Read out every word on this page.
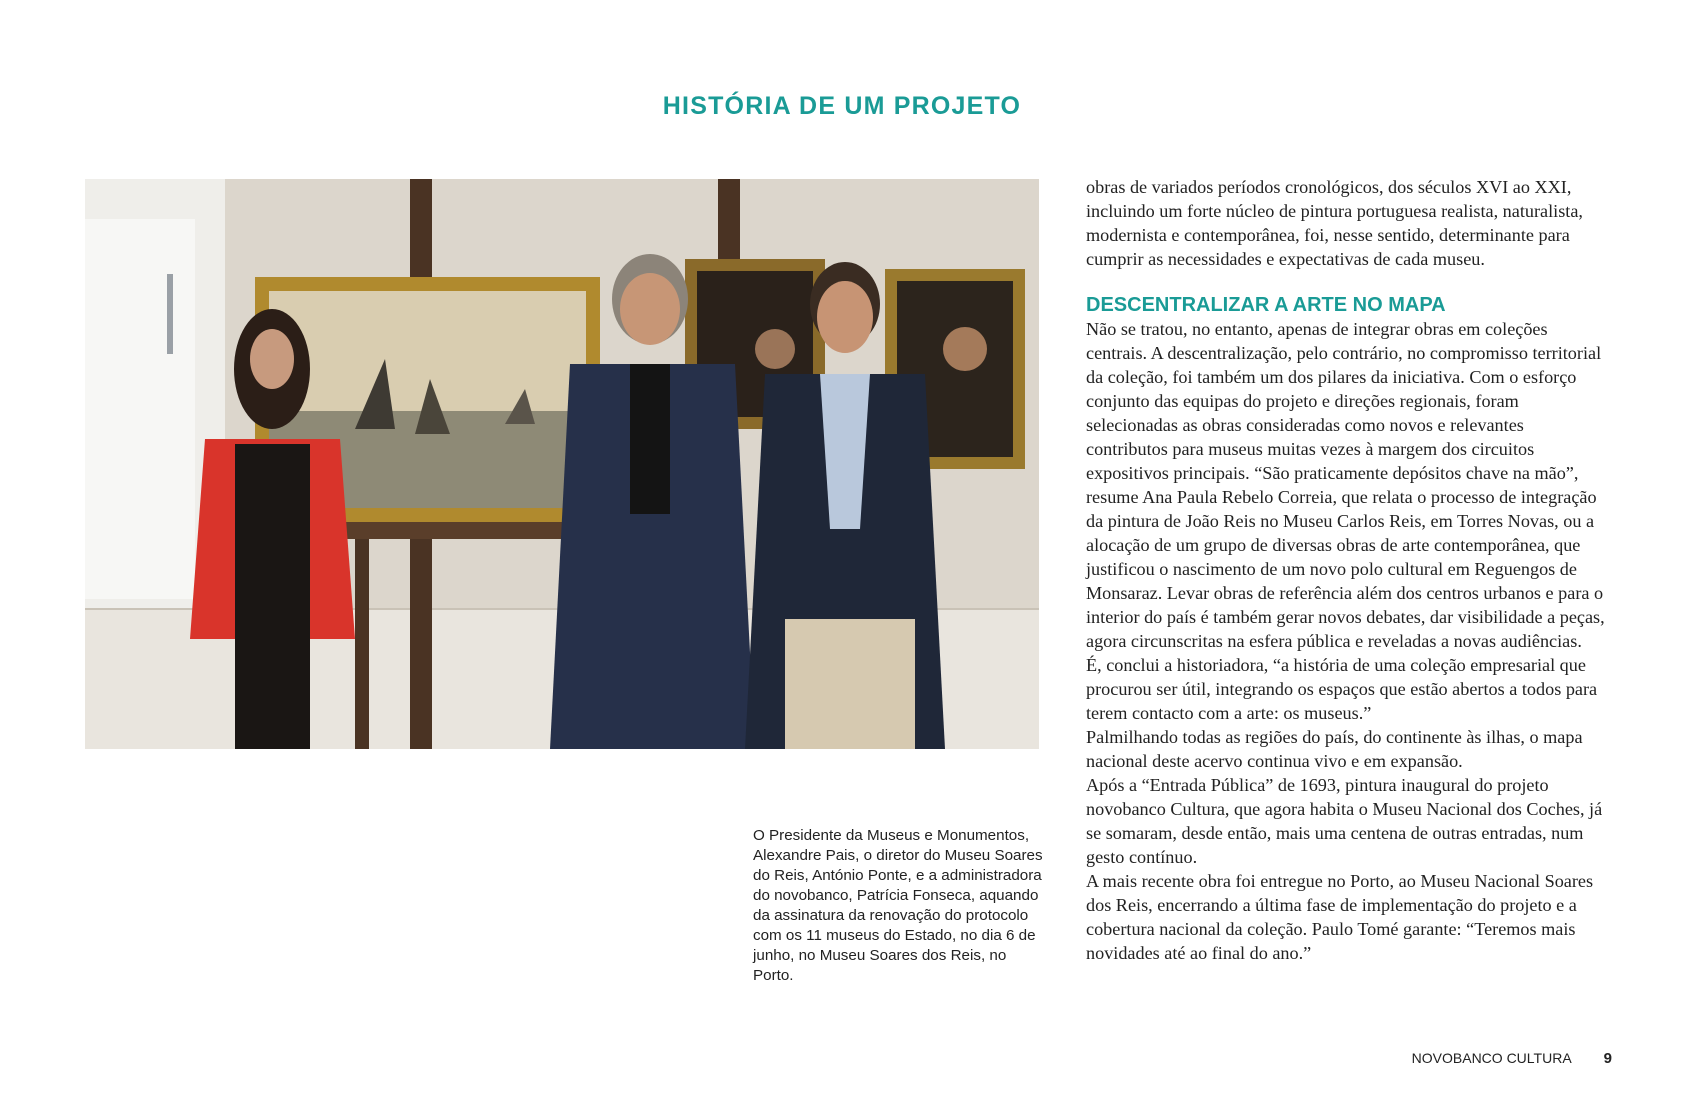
HISTÓRIA DE UM PROJETO

O Presidente da Museus e Monumentos, Alexandre Pais, o diretor do Museu Soares do Reis, António Ponte, e a administradora do novobanco, Patrícia Fonseca, aquando da assinatura da renovação do protocolo com os 11 museus do Estado, no dia 6 de junho, no Museu Soares dos Reis, no Porto.

obras de variados períodos cronológicos, dos séculos XVI ao XXI, incluindo um forte núcleo de pintura portuguesa realista, naturalista, modernista e contemporânea, foi, nesse sentido, determinante para cumprir as necessidades e expectativas de cada museu.

DESCENTRALIZAR A ARTE NO MAPA

Não se tratou, no entanto, apenas de integrar obras em coleções centrais. A descentralização, pelo contrário, no compromisso territorial da coleção, foi também um dos pilares da iniciativa. Com o esforço conjunto das equipas do projeto e direções regionais, foram selecionadas as obras consideradas como novos e relevantes contributos para museus muitas vezes à margem dos circuitos expositivos principais. “São praticamente depósitos chave na mão”, resume Ana Paula Rebelo Correia, que relata o processo de integração da pintura de João Reis no Museu Carlos Reis, em Torres Novas, ou a alocação de um grupo de diversas obras de arte contemporânea, que justificou o nascimento de um novo polo cultural em Reguengos de Monsaraz. Levar obras de referência além dos centros urbanos e para o interior do país é também gerar novos debates, dar visibilidade a peças, agora circunscritas na esfera pública e reveladas a novas audiências.

É, conclui a historiadora, “a história de uma coleção empresarial que procurou ser útil, integrando os espaços que estão abertos a todos para terem contacto com a arte: os museus.”

Palmilhando todas as regiões do país, do continente às ilhas, o mapa nacional deste acervo continua vivo e em expansão.

Após a “Entrada Pública” de 1693, pintura inaugural do projeto novobanco Cultura, que agora habita o Museu Nacional dos Coches, já se somaram, desde então, mais uma centena de outras entradas, num gesto contínuo.

A mais recente obra foi entregue no Porto, ao Museu Nacional Soares dos Reis, encerrando a última fase de implementação do projeto e a cobertura nacional da coleção. Paulo Tomé garante: “Teremos mais novidades até ao final do ano.”

NOVOBANCO CULTURA 9
